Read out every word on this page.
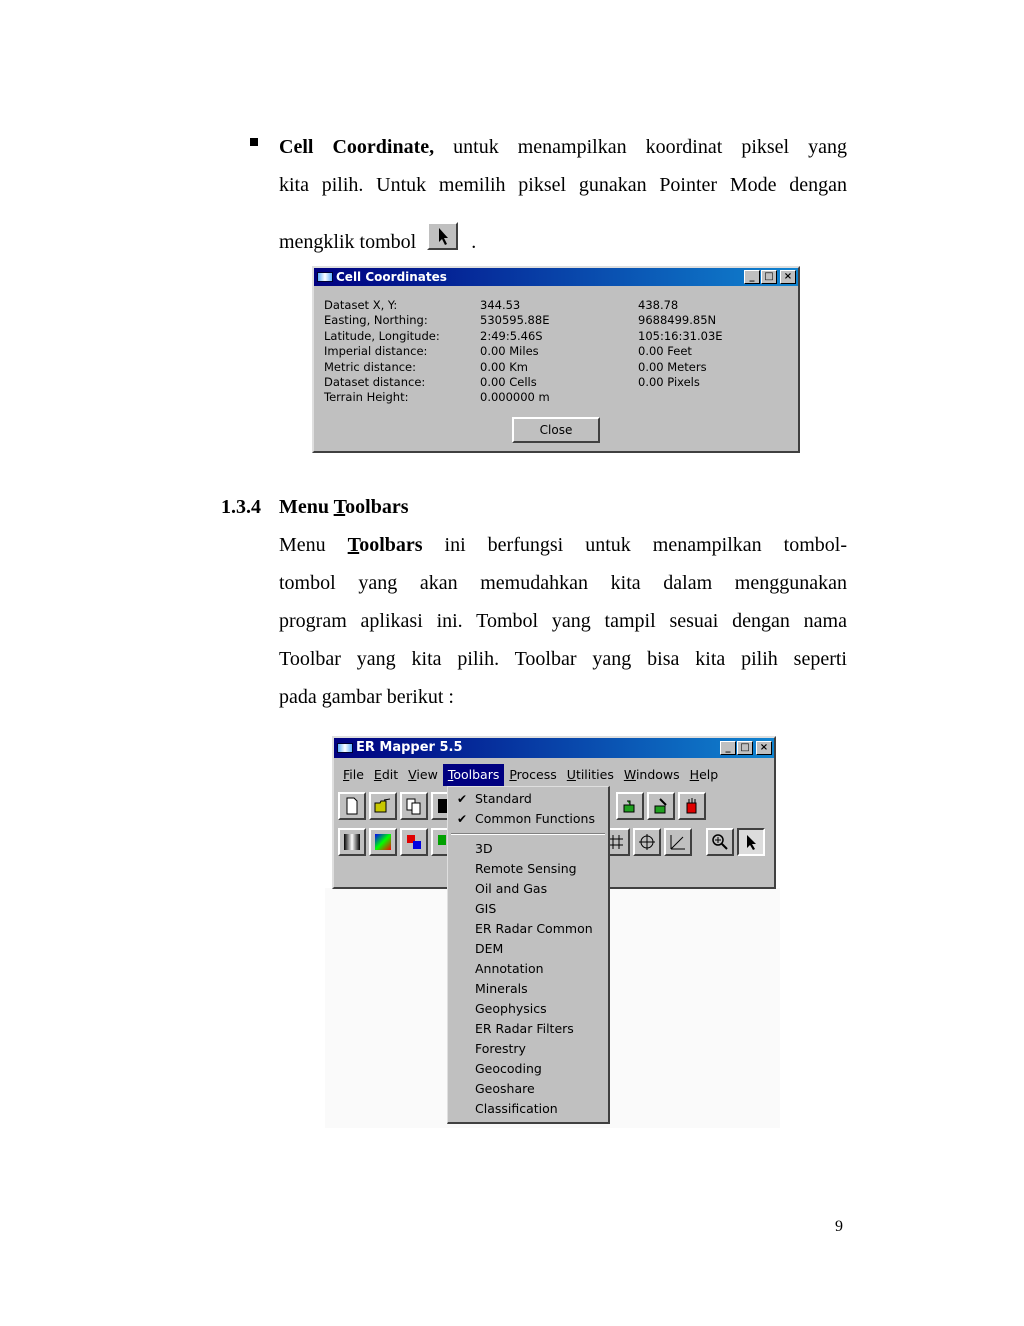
Cell Coordinate, untuk menampilkan koordinat piksel yang
kita pilih. Untuk memilih piksel gunakan Pointer Mode dengan
mengklik tombol	.
Cell Coordinates	_ □	×
Dataset X, Y:	344.53	438.78
Easting, Northing:	530595.88E	9688499.85N
Latitude, Longitude:	2:49:5.46S	105:16:31.03E
Imperial distance:	0.00 Miles	0.00 Feet
Metric distance:	0.00 Km	0.00 Meters
Dataset distance:	0.00 Cells	0.00 Pixels
Terrain Height:	0.000000 m
Close
1.3.4 Menu Toolbars
Menu Toolbars ini berfungsi untuk menampilkan tombol-
tombol yang akan memudahkan kita dalam menggunakan
program aplikasi ini. Tombol yang tampil sesuai dengan nama
Toolbar yang kita pilih. Toolbar yang bisa kita pilih seperti
pada gambar berikut :
ER Mapper 5.5	_ □	×
File Edit View Toolbars Process Utilities Windows Help
✔ Standard
✔ Common Functions
3D
Remote Sensing
Oil and Gas
GIS
ER Radar Common
DEM
Annotation
Minerals
Geophysics
ER Radar Filters
Forestry
Geocoding
Geoshare
Classification
9
